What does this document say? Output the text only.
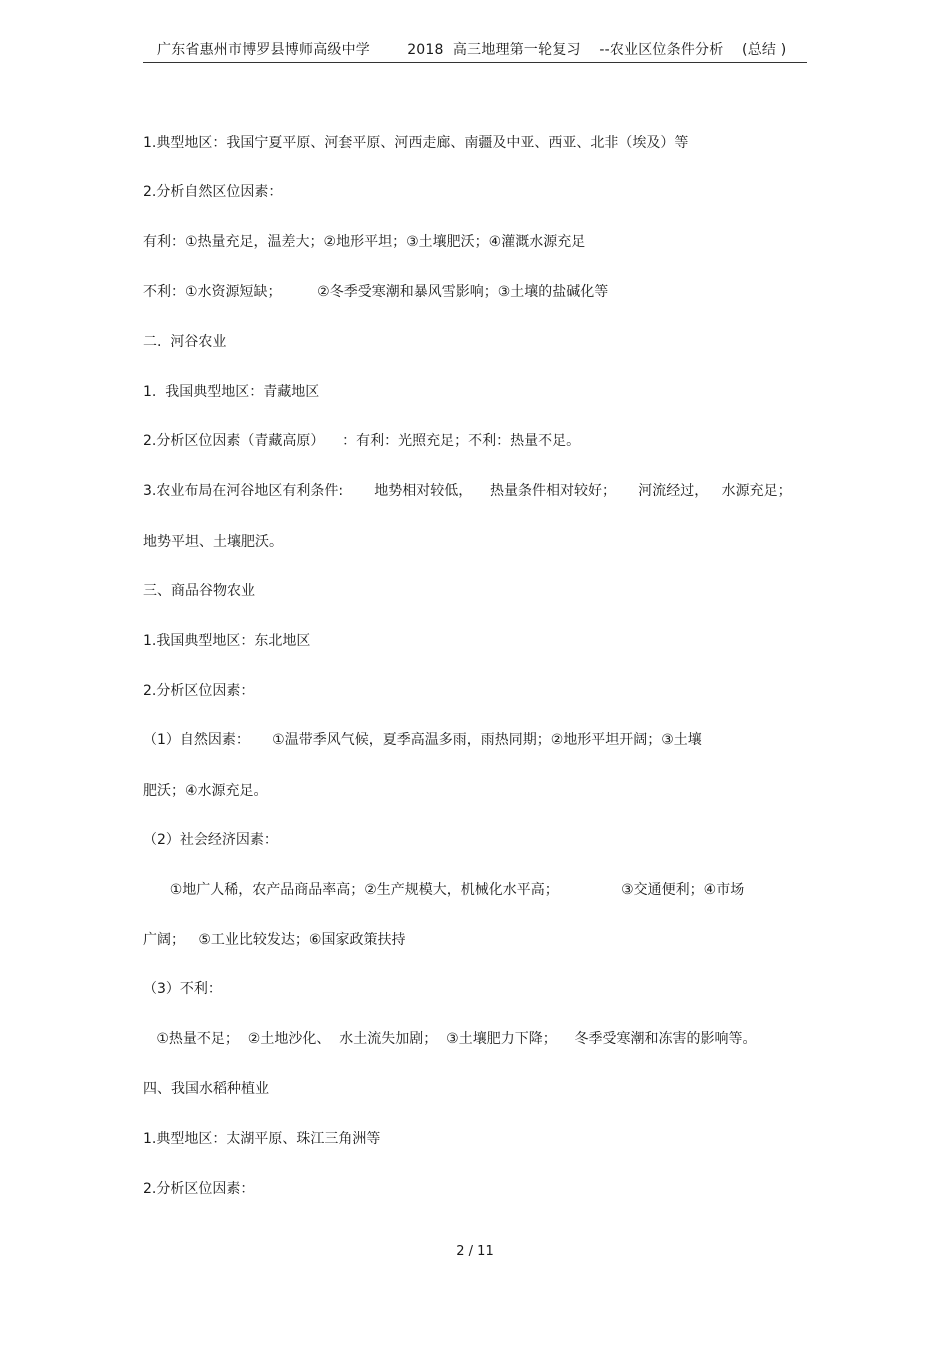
广东省惠州市博罗县博师高级中学        2018  高三地理第一轮复习    --农业区位条件分析    (总结 )
1.典型地区：我国宁夏平原、河套平原、河西走廊、南疆及中亚、西亚、北非（埃及）等
2.分析自然区位因素：
有利：①热量充足，温差大；②地形平坦；③土壤肥沃；④灌溉水源充足
不利：①水资源短缺；        ②冬季受寒潮和暴风雪影响；③土壤的盐碱化等
二.  河谷农业
1.  我国典型地区：青藏地区
2.分析区位因素（青藏高原）    ：有利：光照充足；不利：热量不足。
3.农业布局在河谷地区有利条件:       地势相对较低，    热量条件相对较好；     河流经过，   水源充足；
地势平坦、土壤肥沃。
三、商品谷物农业
1.我国典型地区：东北地区
2.分析区位因素：
（1）自然因素：     ①温带季风气候，夏季高温多雨，雨热同期；②地形平坦开阔；③土壤
肥沃；④水源充足。
（2）社会经济因素：
①地广人稀，农产品商品率高；②生产规模大，机械化水平高；              ③交通便利；④市场
广阔；   ⑤工业比较发达；⑥国家政策扶持
（3）不利：
①热量不足；  ②土地沙化、  水土流失加剧；  ③土壤肥力下降；    冬季受寒潮和冻害的影响等。
四、我国水稻种植业
1.典型地区：太湖平原、珠江三角洲等
2.分析区位因素：
2 / 11
